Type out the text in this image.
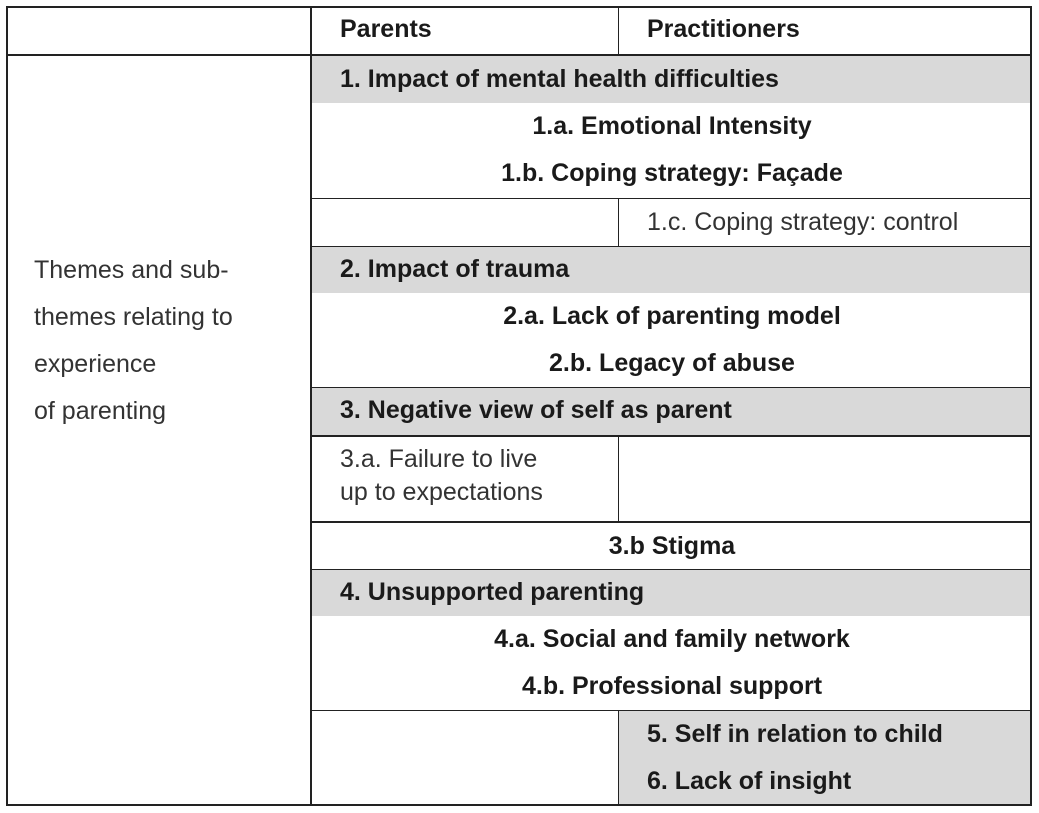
Parents	Practitioners
Themes and sub-
themes relating to
experience
of parenting
1. Impact of mental health difficulties
1.a. Emotional Intensity
1.b. Coping strategy: Façade
1.c. Coping strategy: control
2. Impact of trauma
2.a. Lack of parenting model
2.b. Legacy of abuse
3. Negative view of self as parent
3.a. Failure to live
up to expectations
3.b Stigma
4. Unsupported parenting
4.a. Social and family network
4.b. Professional support
5. Self in relation to child
6. Lack of insight
